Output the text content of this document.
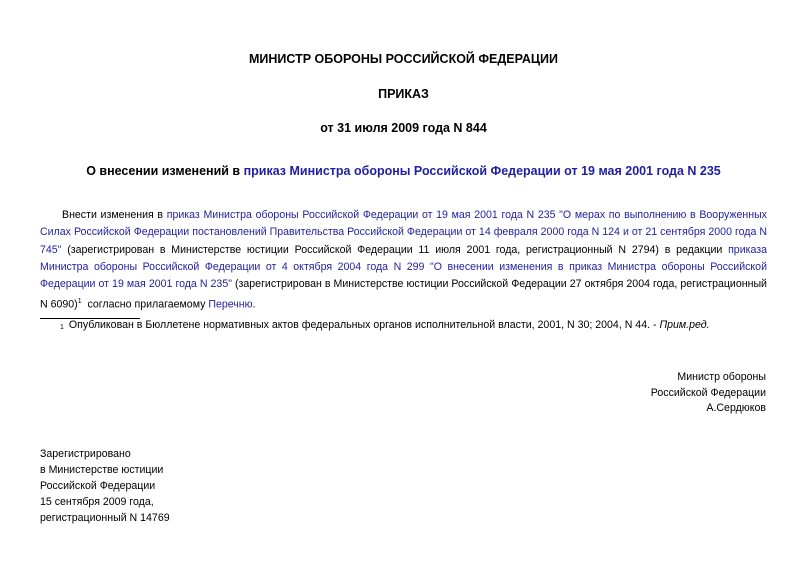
МИНИСТР ОБОРОНЫ РОССИЙСКОЙ ФЕДЕРАЦИИ
ПРИКАЗ
от 31 июля 2009 года N 844
О внесении изменений в приказ Министра обороны Российской Федерации от 19 мая 2001 года N 235
Внести изменения в приказ Министра обороны Российской Федерации от 19 мая 2001 года N 235 "О мерах по выполнению в Вооруженных Силах Российской Федерации постановлений Правительства Российской Федерации от 14 февраля 2000 года N 124 и от 21 сентября 2000 года N 745" (зарегистрирован в Министерстве юстиции Российской Федерации 11 июля 2001 года, регистрационный N 2794) в редакции приказа Министра обороны Российской Федерации от 4 октября 2004 года N 299 "О внесении изменения в приказ Министра обороны Российской Федерации от 19 мая 2001 года N 235" (зарегистрирован в Министерстве юстиции Российской Федерации 27 октября 2004 года, регистрационный N 6090)$^1$  согласно прилагаемому Перечню.
$^1$ Опубликован в Бюллетене нормативных актов федеральных органов исполнительной власти, 2001, N 30; 2004, N 44. - Прим.ред.
Министр обороны
Российской Федерации
А.Сердюков
Зарегистрировано
в Министерстве юстиции
Российской Федерации
15 сентября 2009 года,
регистрационный N 14769
